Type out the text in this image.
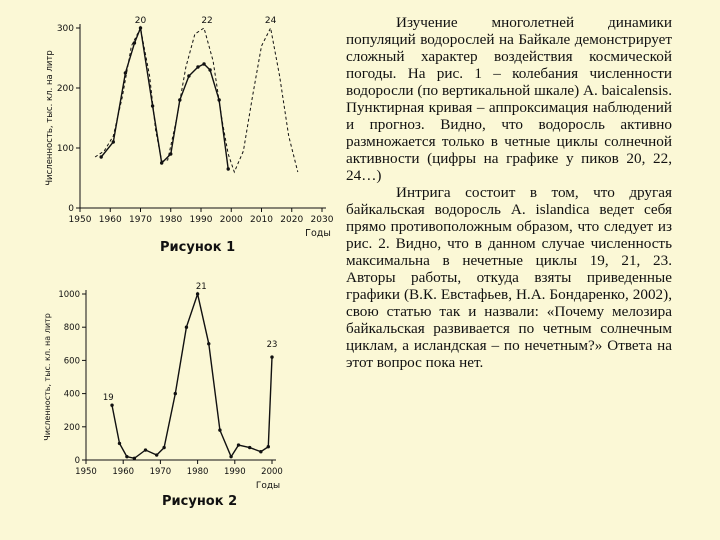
0
100
200
300
1950 1960 1970 1980 1990 2000 2010 2020 2030
Численность, тыс. кл. на литр
Годы
20	22	24
Рисунок 1
0
200
400
600
800
1000
1950 1960 1970 1980 1990 2000
Численность, тыс. кл. на литр
Годы
19
21
23
Рисунок 2

Изучение многолетней динамики популяций водорослей на Байкале демонстрирует сложный характер воздействия космической погоды. На рис. 1 – колебания численности водоросли (по вертикальной шкале) A. baicalensis. Пунктирная кривая – аппроксимация наблюдений и прогноз. Видно, что водоросль активно размножается только в четные циклы солнечной активности (цифры на графике у пиков 20, 22, 24…)

Интрига состоит в том, что другая байкальская водоросль A. islandica ведет себя прямо противоположным образом, что следует из рис. 2. Видно, что в данном случае численность максимальна в нечетные циклы 19, 21, 23. Авторы работы, откуда взяты приведенные графики (В.К. Евстафьев, Н.А. Бондаренко, 2002), свою статью так и назвали: «Почему мелозира байкальская развивается по четным солнечным циклам, а исландская – по нечетным?» Ответа на этот вопрос пока нет.
